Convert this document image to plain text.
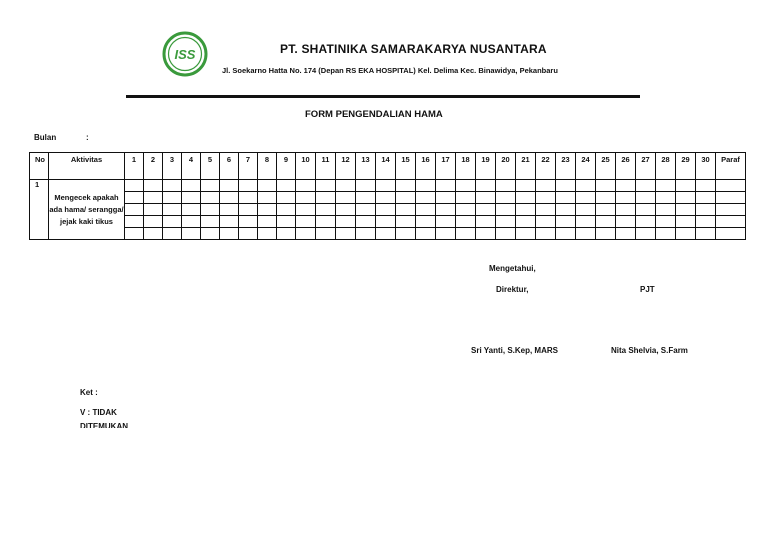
ISS	PT. SHATINIKA SAMARAKARYA NUSANTARA
Jl. Soekarno Hatta No. 174 (Depan RS EKA HOSPITAL) Kel. Delima Kec. Binawidya, Pekanbaru
FORM PENGENDALIAN HAMA
Bulan	:
No	Aktivitas	1	2	3	4	5	6	7	8	9	10	11	12	13	14	15	16	17	18	19	20	21	22	23	24	25	26	27	28	29	30	Paraf
1	Mengecek apakah ada hama/ serangga/ jejak kaki tikus																															

Mengetahui,
Direktur,	PJT
Sri Yanti, S.Kep, MARS	Nita Shelvia, S.Farm
Ket :
V : TIDAK
DITEMUKAN
